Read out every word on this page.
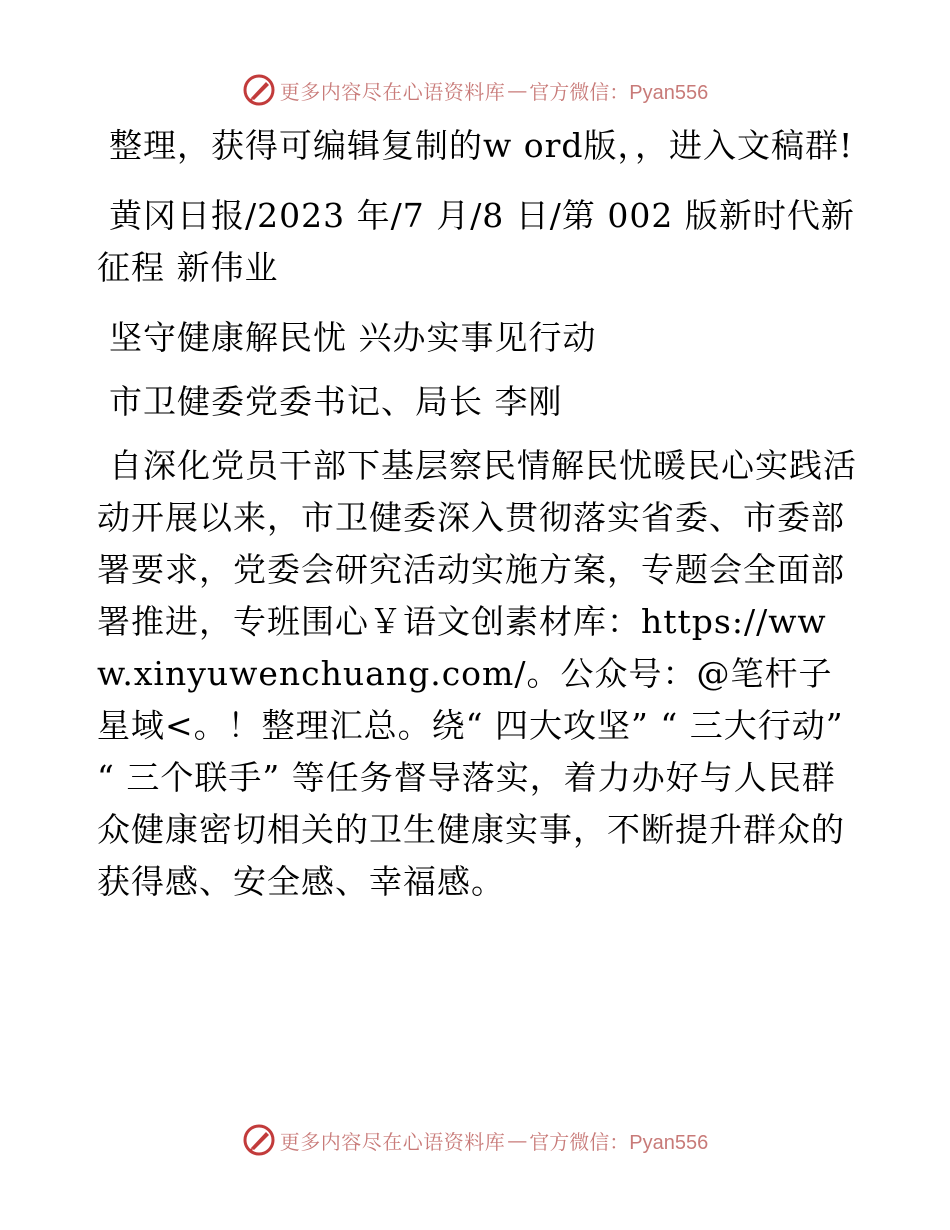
更多内容尽在心语资料库 — 官方微信：Pyan556

整理，获得可编辑复制的w ord版，，进入文稿群!

黄冈日报/2023 年/7 月/8 日/第 002 版新时代新征程 新伟业

坚守健康解民忧 兴办实事见行动

市卫健委党委书记、局长 李刚

自深化党员干部下基层察民情解民忧暖民心实践活动开展以来，市卫健委深入贯彻落实省委、市委部署要求，党委会研究活动实施方案，专题会全面部署推进，专班围心￥语文创素材库：https://www.xinyuwenchuang.com/。公众号：@笔杆子星域<。！整理汇总。绕“ 四大攻坚” “ 三大行动” “ 三个联手” 等任务督导落实，着力办好与人民群众健康密切相关的卫生健康实事，不断提升群众的获得感、安全感、幸福感。

更多内容尽在心语资料库 — 官方微信：Pyan556
